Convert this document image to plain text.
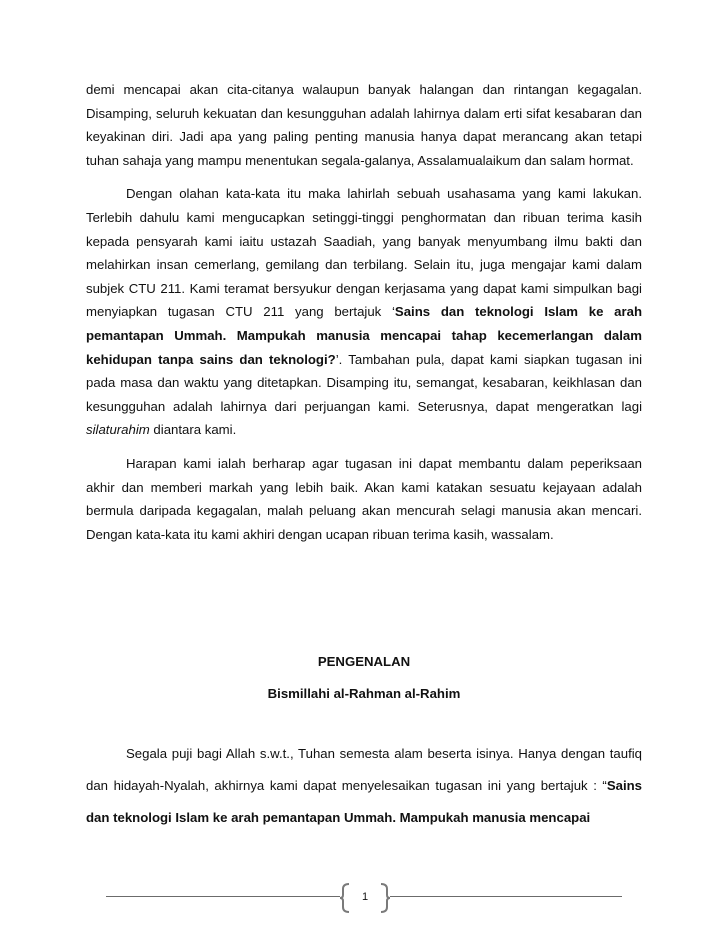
demi mencapai akan cita-citanya walaupun banyak halangan dan rintangan kegagalan. Disamping, seluruh kekuatan dan kesungguhan adalah lahirnya dalam erti sifat kesabaran dan keyakinan diri. Jadi apa yang paling penting manusia hanya dapat merancang akan tetapi tuhan sahaja yang mampu menentukan segala-galanya, Assalamualaikum dan salam hormat.

Dengan olahan kata-kata itu maka lahirlah sebuah usahasama yang kami lakukan. Terlebih dahulu kami mengucapkan setinggi-tinggi penghormatan dan ribuan terima kasih kepada pensyarah kami iaitu ustazah Saadiah, yang banyak menyumbang ilmu bakti dan melahirkan insan cemerlang, gemilang dan terbilang. Selain itu, juga mengajar kami dalam subjek CTU 211. Kami teramat bersyukur dengan kerjasama yang dapat kami simpulkan bagi menyiapkan tugasan CTU 211 yang bertajuk ‘Sains dan teknologi Islam ke arah pemantapan Ummah. Mampukah manusia mencapai tahap kecemerlangan dalam kehidupan tanpa sains dan teknologi?’. Tambahan pula, dapat kami siapkan tugasan ini pada masa dan waktu yang ditetapkan. Disamping itu, semangat, kesabaran, keikhlasan dan kesungguhan adalah lahirnya dari perjuangan kami. Seterusnya, dapat mengeratkan lagi silaturahim diantara kami.

Harapan kami ialah berharap agar tugasan ini dapat membantu dalam peperiksaan akhir dan memberi markah yang lebih baik. Akan kami katakan sesuatu kejayaan adalah bermula daripada kegagalan, malah peluang akan mencurah selagi manusia akan mencari. Dengan kata-kata itu kami akhiri dengan ucapan ribuan terima kasih, wassalam.

PENGENALAN
Bismillahi al-Rahman al-Rahim

Segala puji bagi Allah s.w.t., Tuhan semesta alam beserta isinya. Hanya dengan taufiq dan hidayah-Nyalah, akhirnya kami dapat menyelesaikan tugasan ini yang bertajuk : “Sains dan teknologi Islam ke arah pemantapan Ummah. Mampukah manusia mencapai

1
